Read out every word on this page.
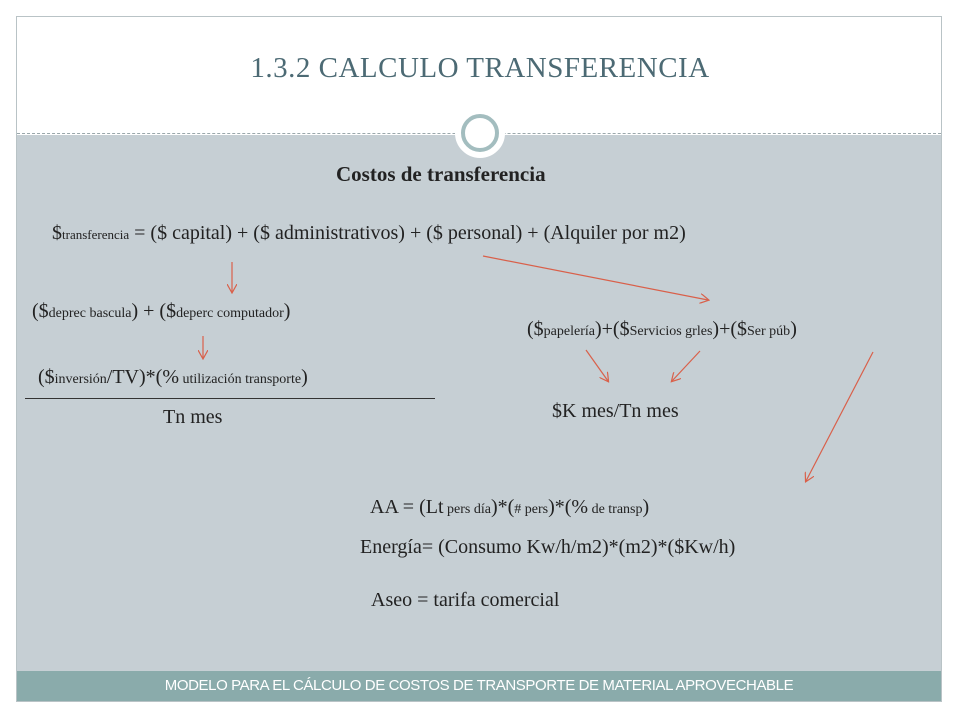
1.3.2 CALCULO TRANSFERENCIA
Costos de transferencia
$transferencia = ($ capital) + ($ administrativos) + ($ personal) + (Alquiler por m2)
($deprec bascula) + ($deperc computador)
($inversión/TV)*(% utilización transporte)
Tn mes
($papelería)+($Servicios grles)+($Ser púb)
$K mes/Tn mes
AA = (Lt pers día)*(# pers)*(% de transp)
Energía= (Consumo Kw/h/m2)*(m2)*($Kw/h)
Aseo = tarifa comercial
MODELO PARA EL CÁLCULO DE COSTOS DE TRANSPORTE DE MATERIAL APROVECHABLE
